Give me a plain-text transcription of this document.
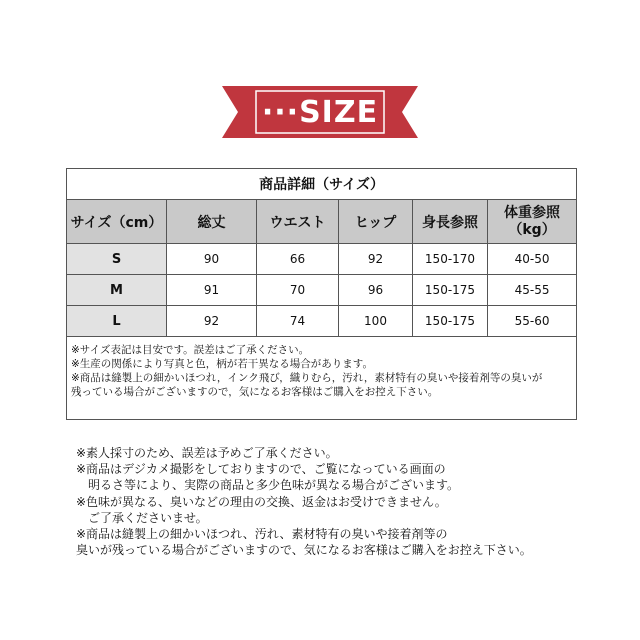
···SIZE
商品詳細（サイズ）					
サイズ（cm）	総丈	ウエスト	ヒップ	身長参照	体重参照
（kg）
S	90	66	92	150-170	40-50
M	91	70	96	150-175	45-55
L	92	74	100	150-175	55-60

※サイズ表記は目安です。誤差はご了承ください。
※生産の関係により写真と色，柄が若干異なる場合があります。
※商品は縫製上の細かいほつれ，インク飛び，織りむら，汚れ，素材特有の臭いや接着剤等の臭いが
残っている場合がございますので，気になるお客様はご購入をお控え下さい。					
※素人採寸のため、誤差は予めご了承ください。
※商品はデジカメ撮影をしておりますので、ご覧になっている画面の
　明るさ等により、実際の商品と多少色味が異なる場合がございます。
※色味が異なる、臭いなどの理由の交換、返金はお受けできません。
　ご了承くださいませ。
※商品は縫製上の細かいほつれ、汚れ、素材特有の臭いや接着剤等の
臭いが残っている場合がございますので、気になるお客様はご購入をお控え下さい。
